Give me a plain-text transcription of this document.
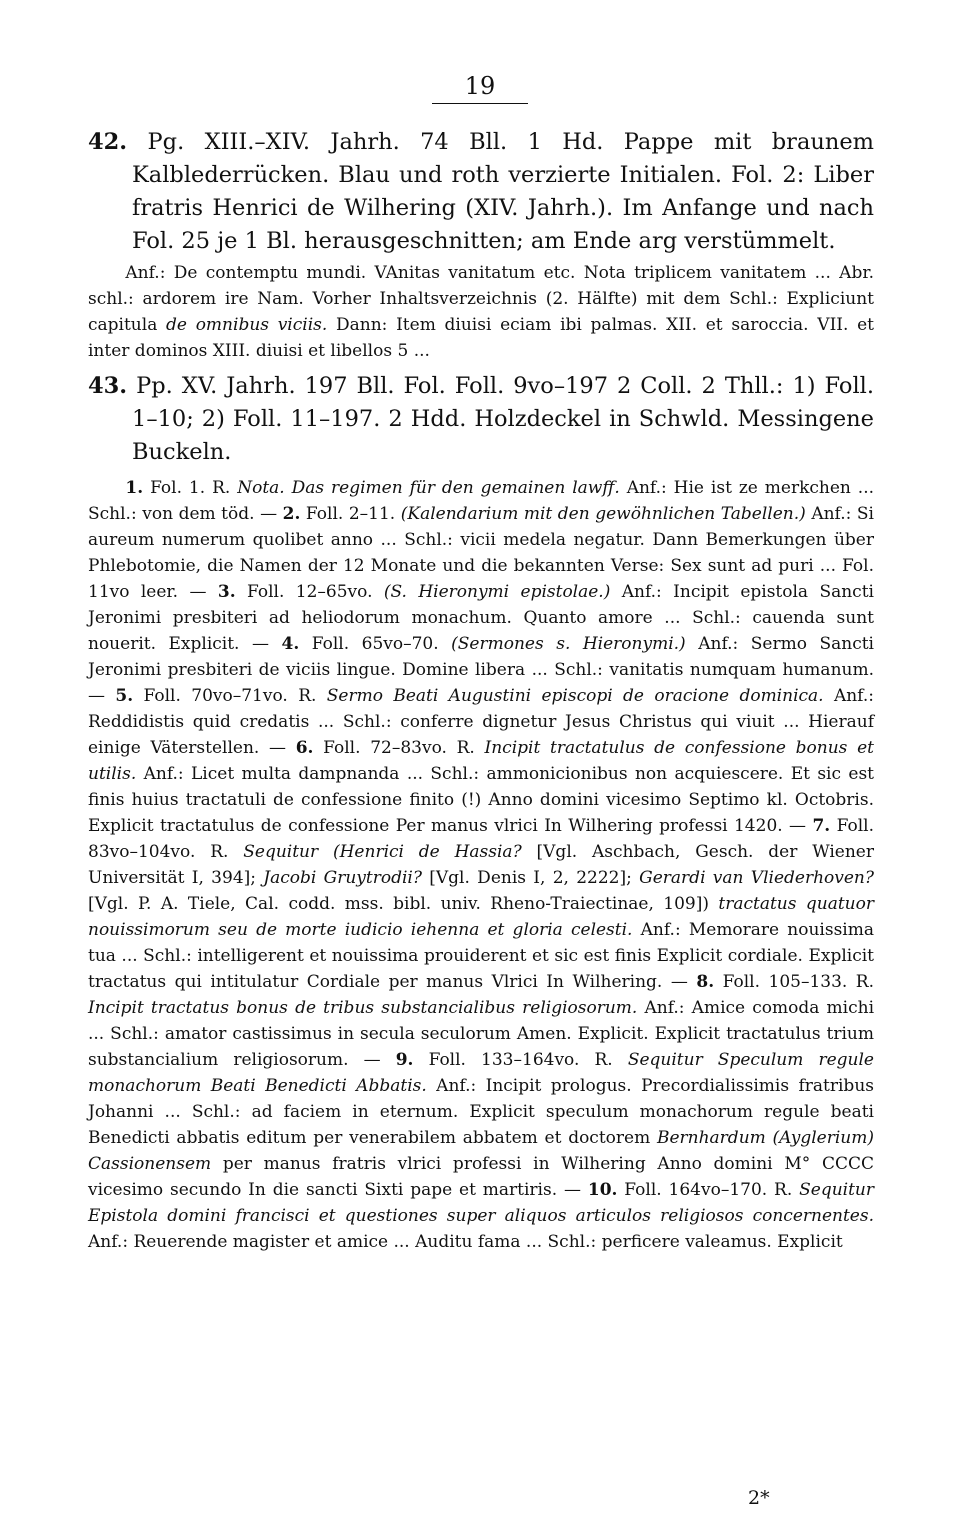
19

42. Pg. XIII.–XIV. Jahrh. 74 Bll. 1 Hd. Pappe mit braunem Kalblederrücken. Blau und roth verzierte Initialen. Fol. 2: Liber fratris Henrici de Wilhering (XIV. Jahrh.). Im Anfange und nach Fol. 25 je 1 Bl. herausgeschnitten; am Ende arg verstümmelt.

Anf.: De contemptu mundi. VAnitas vanitatum etc. Nota triplicem vanitatem ... Abr. schl.: ardorem ire Nam. Vorher Inhaltsverzeichnis (2. Hälfte) mit dem Schl.: Expliciunt capitula de omnibus viciis. Dann: Item diuisi eciam ibi palmas. XII. et saroccia. VII. et inter dominos XIII. diuisi et libellos 5 ...

43. Pp. XV. Jahrh. 197 Bll. Fol. Foll. 9vo–197 2 Coll. 2 Thll.: 1) Foll. 1–10; 2) Foll. 11–197. 2 Hdd. Holzdeckel in Schwld. Messingene Buckeln.

1. Fol. 1. R. Nota. Das regimen für den gemainen lawff. Anf.: Hie ist ze merkchen ... Schl.: von dem töd. — 2. Foll. 2–11. (Kalendarium mit den gewöhnlichen Tabellen.) Anf.: Si aureum numerum quolibet anno ... Schl.: vicii medela negatur. Dann Bemerkungen über Phlebotomie, die Namen der 12 Monate und die bekannten Verse: Sex sunt ad puri ... Fol. 11vo leer. — 3. Foll. 12–65vo. (S. Hieronymi epistolae.) Anf.: Incipit epistola Sancti Jeronimi presbiteri ad heliodorum monachum. Quanto amore ... Schl.: cauenda sunt nouerit. Explicit. — 4. Foll. 65vo–70. (Sermones s. Hieronymi.) Anf.: Sermo Sancti Jeronimi presbiteri de viciis lingue. Domine libera ... Schl.: vanitatis numquam humanum. — 5. Foll. 70vo–71vo. R. Sermo Beati Augustini episcopi de oracione dominica. Anf.: Reddidistis quid credatis ... Schl.: conferre dignetur Jesus Christus qui viuit ... Hierauf einige Väterstellen. — 6. Foll. 72–83vo. R. Incipit tractatulus de confessione bonus et utilis. Anf.: Licet multa dampnanda ... Schl.: ammonicionibus non acquiescere. Et sic est finis huius tractatuli de confessione finito (!) Anno domini vicesimo Septimo kl. Octobris. Explicit tractatulus de confessione Per manus vlrici In Wilhering professi 1420. — 7. Foll. 83vo–104vo. R. Sequitur (Henrici de Hassia? [Vgl. Aschbach, Gesch. der Wiener Universität I, 394]; Jacobi Gruytrodii? [Vgl. Denis I, 2, 2222]; Gerardi van Vliederhoven? [Vgl. P. A. Tiele, Cal. codd. mss. bibl. univ. Rheno-Traiectinae, 109]) tractatus quatuor nouissimorum seu de morte iudicio iehenna et gloria celesti. Anf.: Memorare nouissima tua ... Schl.: intelligerent et nouissima prouiderent et sic est finis Explicit cordiale. Explicit tractatus qui intitulatur Cordiale per manus Vlrici In Wilhering. — 8. Foll. 105–133. R. Incipit tractatus bonus de tribus substancialibus religiosorum. Anf.: Amice comoda michi ... Schl.: amator castissimus in secula seculorum Amen. Explicit. Explicit tractatulus trium substancialium religiosorum. — 9. Foll. 133–164vo. R. Sequitur Speculum regule monachorum Beati Benedicti Abbatis. Anf.: Incipit prologus. Precordialissimis fratribus Johanni ... Schl.: ad faciem in eternum. Explicit speculum monachorum regule beati Benedicti abbatis editum per venerabilem abbatem et doctorem Bernhardum (Ayglerium) Cassionensem per manus fratris vlrici professi in Wilhering Anno domini M° CCCC vicesimo secundo In die sancti Sixti pape et martiris. — 10. Foll. 164vo–170. R. Sequitur Epistola domini francisci et questiones super aliquos articulos religiosos concernentes. Anf.: Reuerende magister et amice ... Auditu fama ... Schl.: perficere valeamus. Explicit

2*
